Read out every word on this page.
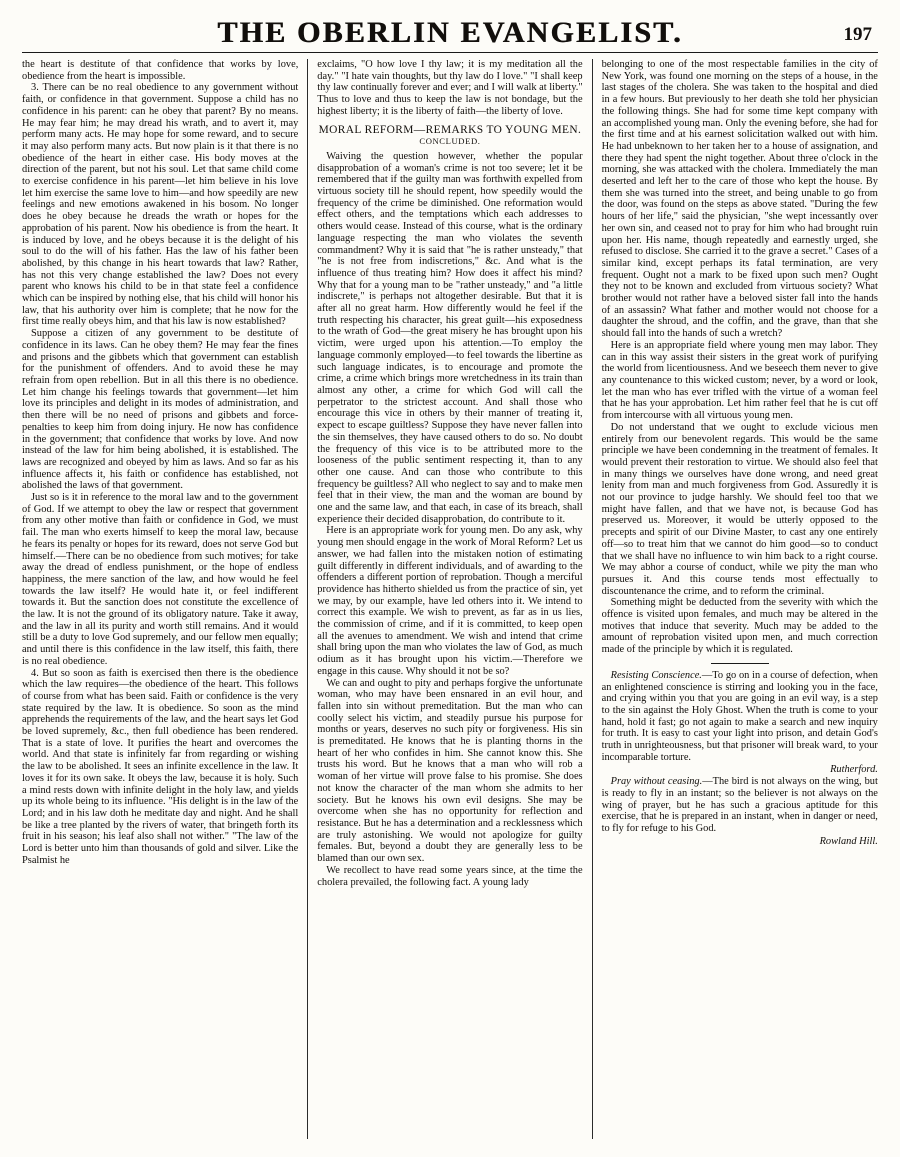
THE OBERLIN EVANGELIST.	197

the heart is destitute of that confidence that works by love, obedience from the heart is impossible.

3. There can be no real obedience to any government without faith, or confidence in that government. Suppose a child has no confidence in his parent: can he obey that parent? By no means. He may fear him; he may dread his wrath, and to avert it, may perform many acts. He may hope for some reward, and to secure it may also perform many acts. But now plain is it that there is no obedience of the heart in either case. His body moves at the direction of the parent, but not his soul. Let that same child come to exercise confidence in his parent—let him believe in his love let him exercise the same love to him—and how speedily are new feelings and new emotions awakened in his bosom. No longer does he obey because he dreads the wrath or hopes for the approbation of his parent. Now his obedience is from the heart. It is induced by love, and he obeys because it is the delight of his soul to do the will of his father. Has the law of his father been abolished, by this change in his heart towards that law? Rather, has not this very change established the law? Does not every parent who knows his child to be in that state feel a confidence which can be inspired by nothing else, that his child will honor his law, that his authority over him is complete; that he now for the first time really obeys him, and that his law is now established?

Suppose a citizen of any government to be destitute of confidence in its laws. Can he obey them? He may fear the fines and prisons and the gibbets which that government can establish for the punishment of offenders. And to avoid these he may refrain from open rebellion. But in all this there is no obedience. Let him change his feelings towards that government—let him love its principles and delight in its modes of administration, and then there will be no need of prisons and gibbets and force-penalties to keep him from doing injury. He now has confidence in the government; that confidence that works by love. And now instead of the law for him being abolished, it is established. The laws are recognized and obeyed by him as laws. And so far as his influence affects it, his faith or confidence has established, not abolished the laws of that government.

Just so is it in reference to the moral law and to the government of God. If we attempt to obey the law or respect that government from any other motive than faith or confidence in God, we must fail. The man who exerts himself to keep the moral law, because he fears its penalty or hopes for its reward, does not serve God but himself.—There can be no obedience from such motives; for take away the dread of endless punishment, or the hope of endless happiness, the mere sanction of the law, and how would he feel towards the law itself? He would hate it, or feel indifferent towards it. But the sanction does not constitute the excellence of the law. It is not the ground of its obligatory nature. Take it away, and the law in all its purity and worth still remains. And it would still be a duty to love God supremely, and our fellow men equally; and until there is this confidence in the law itself, this faith, there is no real obedience.

4. But so soon as faith is exercised then there is the obedience which the law requires—the obedience of the heart. This follows of course from what has been said. Faith or confidence is the very state required by the law. It is obedience. So soon as the mind apprehends the requirements of the law, and the heart says let God be loved supremely, &c., then full obedience has been rendered. That is a state of love. It purifies the heart and overcomes the world. And that state is infinitely far from regarding or wishing the law to be abolished. It sees an infinite excellence in the law. It loves it for its own sake. It obeys the law, because it is holy. Such a mind rests down with infinite delight in the holy law, and yields up its whole being to its influence. "His delight is in the law of the Lord; and in his law doth he meditate day and night. And he shall be like a tree planted by the rivers of water, that bringeth forth its fruit in his season; his leaf also shall not wither." "The law of the Lord is better unto him than thousands of gold and silver. Like the Psalmist he

exclaims, "O how love I thy law; it is my meditation all the day." "I hate vain thoughts, but thy law do I love." "I shall keep thy law continually forever and ever; and I will walk at liberty." Thus to love and thus to keep the law is not bondage, but the highest liberty; it is the liberty of faith—the liberty of love.

MORAL REFORM—REMARKS TO YOUNG MEN.

CONCLUDED.

Waiving the question however, whether the popular disapprobation of a woman's crime is not too severe; let it be remembered that if the guilty man was forthwith expelled from virtuous society till he should repent, how speedily would the frequency of the crime be diminished. One reformation would effect others, and the temptations which each addresses to others would cease. Instead of this course, what is the ordinary language respecting the man who violates the seventh commandment? Why it is said that "he is rather unsteady," that "he is not free from indiscretions," &c. And what is the influence of thus treating him? How does it affect his mind? Why that for a young man to be "rather unsteady," and "a little indiscrete," is perhaps not altogether desirable. But that it is after all no great harm. How differently would he feel if the truth respecting his character, his great guilt—his exposedness to the wrath of God—the great misery he has brought upon his victim, were urged upon his attention.—To employ the language commonly employed—to feel towards the libertine as such language indicates, is to encourage and promote the crime, a crime which brings more wretchedness in its train than almost any other, a crime for which God will call the perpetrator to the strictest account. And shall those who encourage this vice in others by their manner of treating it, expect to escape guiltless? Suppose they have never fallen into the sin themselves, they have caused others to do so. No doubt the frequency of this vice is to be attributed more to the looseness of the public sentiment respecting it, than to any other one cause. And can those who contribute to this frequency be guiltless? All who neglect to say and to make men feel that in their view, the man and the woman are bound by one and the same law, and that each, in case of its breach, shall experience their decided disapprobation, do contribute to it.

Here is an appropriate work for young men. Do any ask, why young men should engage in the work of Moral Reform? Let us answer, we had fallen into the mistaken notion of estimating guilt differently in different individuals, and of awarding to the offenders a different portion of reprobation. Though a merciful providence has hitherto shielded us from the practice of sin, yet we may, by our example, have led others into it. We intend to correct this example. We wish to prevent, as far as in us lies, the commission of crime, and if it is committed, to keep open all the avenues to amendment. We wish and intend that crime shall bring upon the man who violates the law of God, as much odium as it has brought upon his victim.—Therefore we engage in this cause. Why should it not be so?

We can and ought to pity and perhaps forgive the unfortunate woman, who may have been ensnared in an evil hour, and fallen into sin without premeditation. But the man who can coolly select his victim, and steadily pursue his purpose for months or years, deserves no such pity or forgiveness. His sin is premeditated. He knows that he is planting thorns in the heart of her who confides in him. She cannot know this. She trusts his word. But he knows that a man who will rob a woman of her virtue will prove false to his promise. She does not know the character of the man whom she admits to her society. But he knows his own evil designs. She may be overcome when she has no opportunity for reflection and resistance. But he has a determination and a recklessness which are truly astonishing. We would not apologize for guilty females. But, beyond a doubt they are generally less to be blamed than our own sex.

We recollect to have read some years since, at the time the cholera prevailed, the following fact. A young lady

belonging to one of the most respectable families in the city of New York, was found one morning on the steps of a house, in the last stages of the cholera. She was taken to the hospital and died in a few hours. But previously to her death she told her physician the following things. She had for some time kept company with an accomplished young man. Only the evening before, she had for the first time and at his earnest solicitation walked out with him. He had unbeknown to her taken her to a house of assignation, and there they had spent the night together. About three o'clock in the morning, she was attacked with the cholera. Immediately the man deserted and left her to the care of those who kept the house. By them she was turned into the street, and being unable to go from the door, was found on the steps as above stated. "During the few hours of her life," said the physician, "she wept incessantly over her own sin, and ceased not to pray for him who had brought ruin upon her. His name, though repeatedly and earnestly urged, she refused to disclose. She carried it to the grave a secret." Cases of a similar kind, except perhaps its fatal termination, are very frequent. Ought not a mark to be fixed upon such men? Ought they not to be known and excluded from virtuous society? What brother would not rather have a beloved sister fall into the hands of an assassin? What father and mother would not choose for a daughter the shroud, and the coffin, and the grave, than that she should fall into the hands of such a wretch?

Here is an appropriate field where young men may labor. They can in this way assist their sisters in the great work of purifying the world from licentiousness. And we beseech them never to give any countenance to this wicked custom; never, by a word or look, let the man who has ever trifled with the virtue of a woman feel that he has your approbation. Let him rather feel that he is cut off from intercourse with all virtuous young men.

Do not understand that we ought to exclude vicious men entirely from our benevolent regards. This would be the same principle we have been condemning in the treatment of females. It would prevent their restoration to virtue. We should also feel that in many things we ourselves have done wrong, and need great lenity from man and much forgiveness from God. Assuredly it is not our province to judge harshly. We should feel too that we might have fallen, and that we have not, is because God has preserved us. Moreover, it would be utterly opposed to the precepts and spirit of our Divine Master, to cast any one entirely off—so to treat him that we cannot do him good—so to conduct that we shall have no influence to win him back to a right course. We may abhor a course of conduct, while we pity the man who pursues it. And this course tends most effectually to discountenance the crime, and to reform the criminal.

Something might be deducted from the severity with which the offence is visited upon females, and much may be altered in the motives that induce that severity. Much may be added to the amount of reprobation visited upon men, and much correction made of the principle by which it is regulated.

Resisting Conscience.—To go on in a course of defection, when an enlightened conscience is stirring and looking you in the face, and crying within you that you are going in an evil way, is a step to the sin against the Holy Ghost. When the truth is come to your hand, hold it fast; go not again to make a search and new inquiry for truth. It is easy to cast your light into prison, and detain God's truth in unrighteousness, but that prisoner will break ward, to your incomparable torture.

Rutherford.

Pray without ceasing.—The bird is not always on the wing, but is ready to fly in an instant; so the believer is not always on the wing of prayer, but he has such a gracious aptitude for this exercise, that he is prepared in an instant, when in danger or need, to fly for refuge to his God.

Rowland Hill.
